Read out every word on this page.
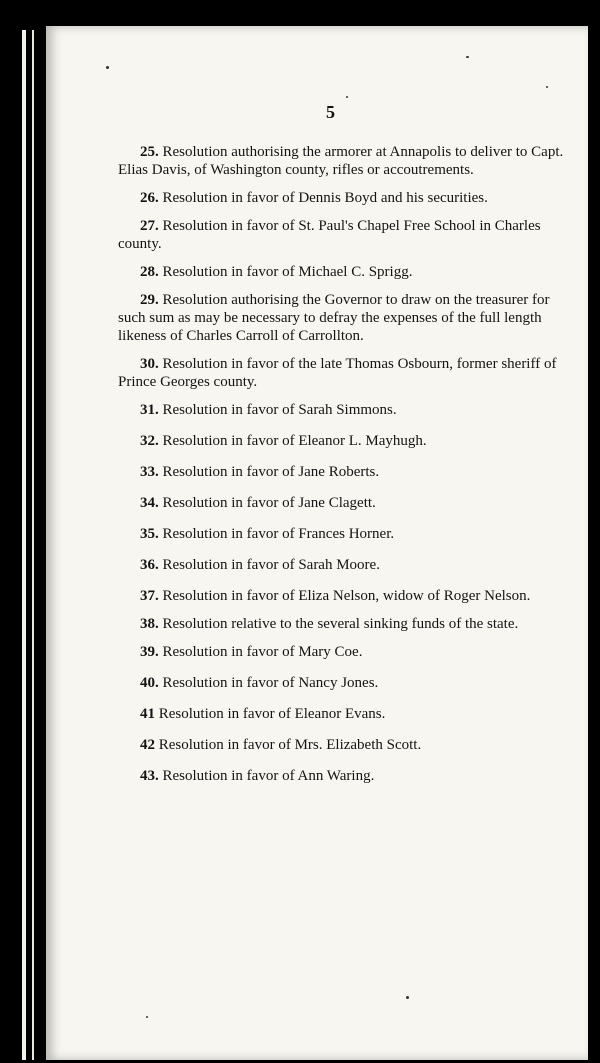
5

25. Resolution authorising the armorer at Annapolis to deliver to Capt. Elias Davis, of Washington county, rifles or accoutrements.

26. Resolution in favor of Dennis Boyd and his securities.

27. Resolution in favor of St. Paul's Chapel Free School in Charles county.

28. Resolution in favor of Michael C. Sprigg.

29. Resolution authorising the Governor to draw on the treasurer for such sum as may be necessary to defray the expenses of the full length likeness of Charles Carroll of Carrollton.

30. Resolution in favor of the late Thomas Osbourn, former sheriff of Prince Georges county.

31. Resolution in favor of Sarah Simmons.

32. Resolution in favor of Eleanor L. Mayhugh.

33. Resolution in favor of Jane Roberts.

34. Resolution in favor of Jane Clagett.

35. Resolution in favor of Frances Horner.

36. Resolution in favor of Sarah Moore.

37. Resolution in favor of Eliza Nelson, widow of Roger Nelson.

38. Resolution relative to the several sinking funds of the state.

39. Resolution in favor of Mary Coe.

40. Resolution in favor of Nancy Jones.

41 Resolution in favor of Eleanor Evans.

42 Resolution in favor of Mrs. Elizabeth Scott.

43. Resolution in favor of Ann Waring.
